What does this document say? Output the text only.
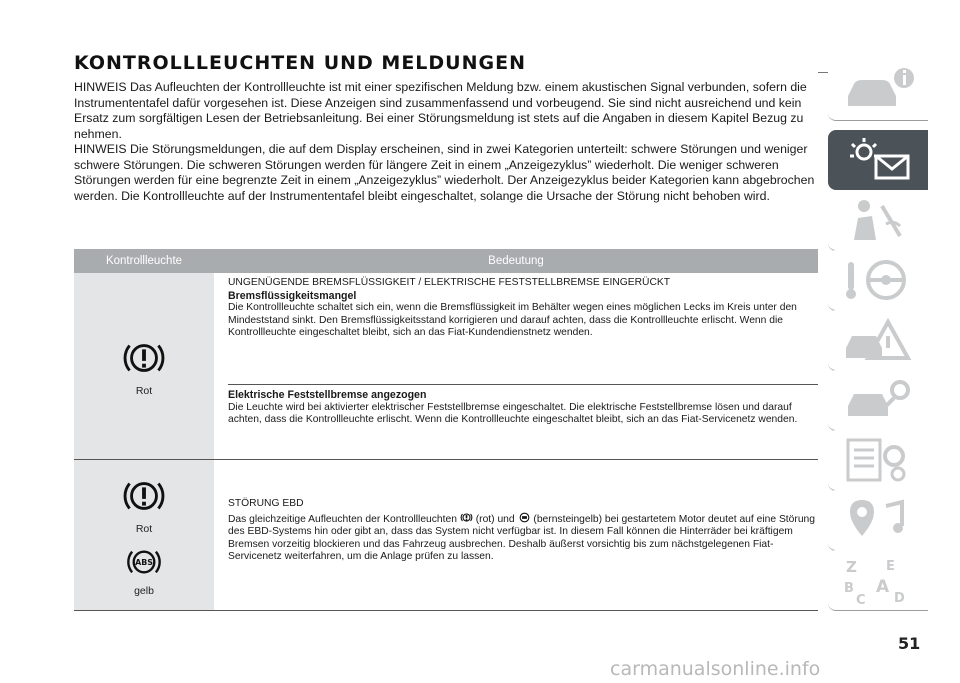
KONTROLLLEUCHTEN UND MELDUNGEN

HINWEIS Das Aufleuchten der Kontrollleuchte ist mit einer spezifischen Meldung bzw. einem akustischen Signal verbunden, sofern die Instrumententafel dafür vorgesehen ist. Diese Anzeigen sind zusammenfassend und vorbeugend. Sie sind nicht ausreichend und kein Ersatz zum sorgfältigen Lesen der Betriebsanleitung. Bei einer Störungsmeldung ist stets auf die Angaben in diesem Kapitel Bezug zu nehmen.

HINWEIS Die Störungsmeldungen, die auf dem Display erscheinen, sind in zwei Kategorien unterteilt: schwere Störungen und weniger schwere Störungen. Die schweren Störungen werden für längere Zeit in einem „Anzeigezyklus” wiederholt. Die weniger schweren Störungen werden für eine begrenzte Zeit in einem „Anzeigezyklus” wiederholt. Der Anzeigezyklus beider Kategorien kann abgebrochen werden. Die Kontrollleuchte auf der Instrumententafel bleibt eingeschaltet, solange die Ursache der Störung nicht behoben wird.

Kontrollleuchte	Bedeutung
Rot
UNGENÜGENDE BREMSFLÜSSIGKEIT / ELEKTRISCHE FESTSTELLBREMSE EINGERÜCKT
Bremsflüssigkeitsmangel
Die Kontrollleuchte schaltet sich ein, wenn die Bremsflüssigkeit im Behälter wegen eines möglichen Lecks im Kreis unter den Mindeststand sinkt. Den Bremsflüssigkeitsstand korrigieren und darauf achten, dass die Kontrollleuchte erlischt. Wenn die Kontrollleuchte eingeschaltet bleibt, sich an das Fiat-Kundendienstnetz wenden.
Elektrische Feststellbremse angezogen
Die Leuchte wird bei aktivierter elektrischer Feststellbremse eingeschaltet. Die elektrische Feststellbremse lösen und darauf achten, dass die Kontrollleuchte erlischt. Wenn die Kontrollleuchte eingeschaltet bleibt, sich an das Fiat-Servicenetz wenden.
Rot
ABS
gelb
STÖRUNG EBD
Das gleichzeitige Aufleuchten der Kontrollleuchten (rot) und (bernsteingelb) bei gestartetem Motor deutet auf eine Störung des EBD-Systems hin oder gibt an, dass das System nicht verfügbar ist. In diesem Fall können die Hinterräder bei kräftigem Bremsen vorzeitig blockieren und das Fahrzeug ausbrechen. Deshalb äußerst vorsichtig bis zum nächstgelegenen Fiat-Servicenetz weiterfahren, um die Anlage prüfen zu lassen.
Z E
B A
C D
51
carmanualsonline.info
